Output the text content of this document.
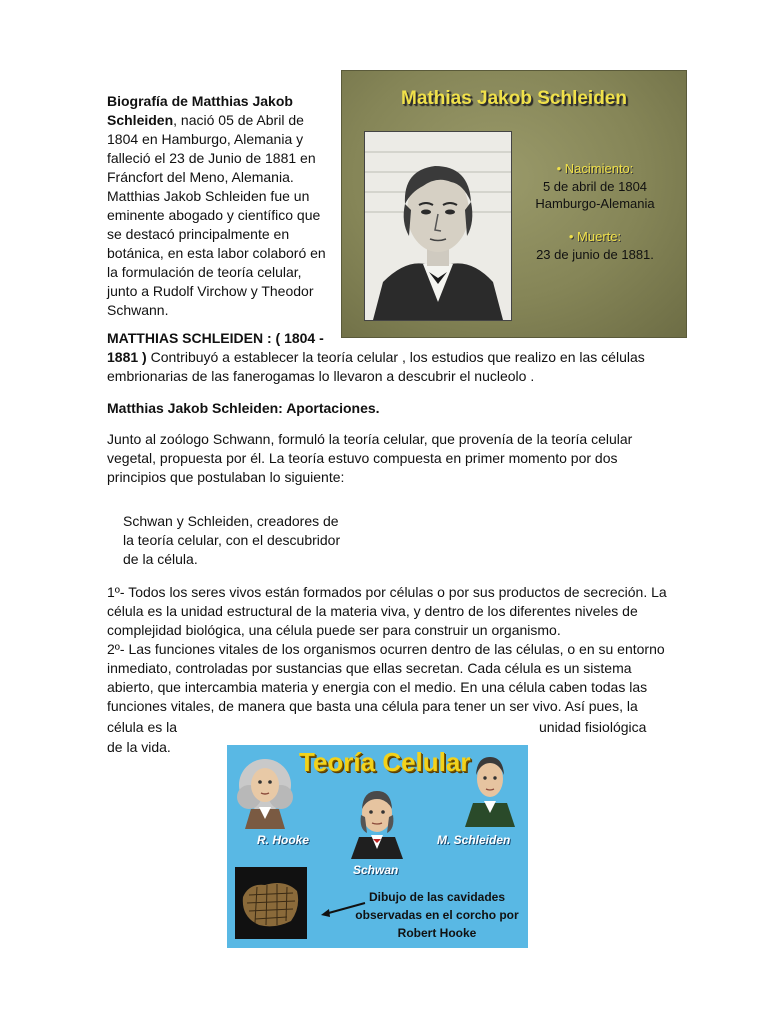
Biografía de Matthias Jakob Schleiden, nació 05 de Abril de 1804 en Hamburgo, Alemania y falleció el 23 de Junio de 1881 en Fráncfort del Meno, Alemania. Matthias Jakob Schleiden fue un eminente abogado y científico que se destacó principalmente en botánica, en esta labor colaboró en la formulación de teoría celular, junto a Rudolf Virchow y Theodor Schwann.

Mathias Jakob Schleiden
• Nacimiento:
5 de abril de 1804
Hamburgo-Alemania
• Muerte:
23 de junio de 1881.

MATTHIAS SCHLEIDEN : ( 1804 -
1881 ) Contribuyó a establecer la teoría celular , los estudios que realizo en las células embrionarias de las fanerogamas lo llevaron a descubrir el nucleolo .

Matthias Jakob Schleiden: Aportaciones.

Junto al zoólogo Schwann, formuló la teoría celular, que provenía de la teoría celular vegetal, propuesta por él. La teoría estuvo compuesta en primer momento por dos principios que postulaban lo siguiente:

Schwan y Schleiden, creadores de la teoría celular, con el descubridor de la célula.

1º- Todos los seres vivos están formados por células o por sus productos de secreción. La célula es la unidad estructural de la materia viva, y dentro de los diferentes niveles de complejidad biológica, una célula puede ser para construir un organismo.

2º- Las funciones vitales de los organismos ocurren dentro de las células, o en su entorno inmediato, controladas por sustancias que ellas secretan. Cada célula es un sistema abierto, que intercambia materia y energia con el medio. En una célula caben todas las funciones vitales, de manera que basta una célula para tener un ser vivo. Así pues, la

célula es la	unidad fisiológica
de la vida.	Teoría Celular
R. Hooke
Schwan
M. Schleiden
Dibujo de las cavidades observadas en el corcho por Robert Hooke
